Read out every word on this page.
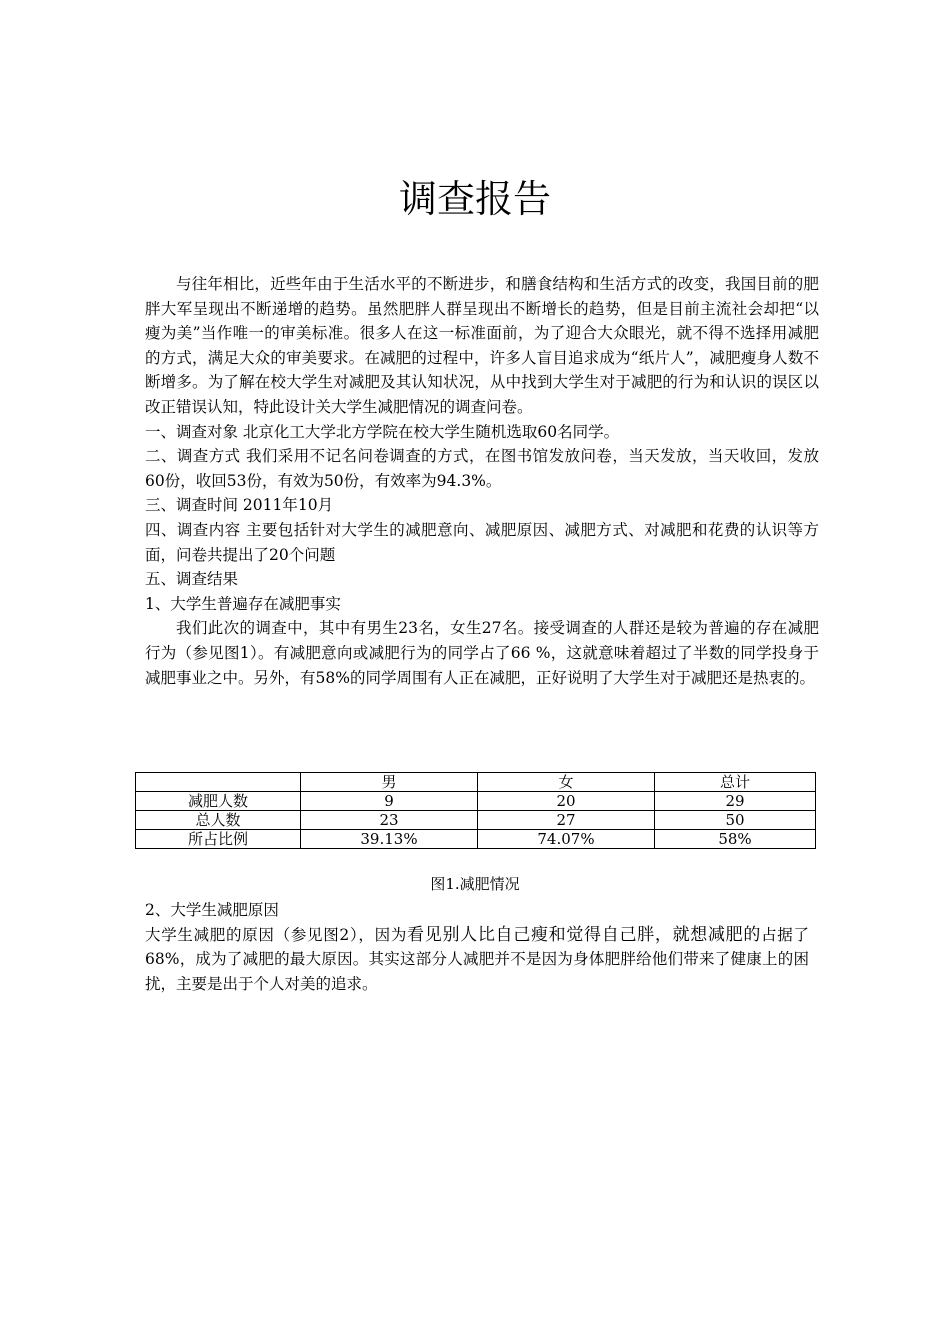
调查报告

与往年相比，近些年由于生活水平的不断进步，和膳食结构和生活方式的改变，我国目前的肥胖大军呈现出不断递增的趋势。虽然肥胖人群呈现出不断增长的趋势，但是目前主流社会却把“以瘦为美”当作唯一的审美标准。很多人在这一标准面前，为了迎合大众眼光，就不得不选择用减肥的方式，满足大众的审美要求。在减肥的过程中，许多人盲目追求成为“纸片人”，减肥瘦身人数不断增多。为了解在校大学生对减肥及其认知状况，从中找到大学生对于减肥的行为和认识的误区以改正错误认知，特此设计关大学生减肥情况的调查问卷。

一、调查对象 北京化工大学北方学院在校大学生随机选取60名同学。

二、调查方式 我们采用不记名问卷调查的方式，在图书馆发放问卷，当天发放，当天收回，发放60份，收回53份，有效为50份，有效率为94.3%。

三、调查时间 2011年10月

四、调查内容 主要包括针对大学生的减肥意向、减肥原因、减肥方式、对减肥和花费的认识等方面，问卷共提出了20个问题

五、调查结果

1、大学生普遍存在减肥事实

我们此次的调查中，其中有男生23名，女生27名。接受调查的人群还是较为普遍的存在减肥行为（参见图1）。有减肥意向或减肥行为的同学占了66 %，这就意味着超过了半数的同学投身于减肥事业之中。另外，有58%的同学周围有人正在减肥，正好说明了大学生对于减肥还是热衷的。

	男	女	总计
减肥人数	9	20	29
总人数	23	27	50
所占比例	39.13%	74.07%	58%
图1.减肥情况

2、大学生减肥原因

大学生减肥的原因（参见图2），因为看见别人比自己瘦和觉得自己胖，就想减肥的占据了68%，成为了减肥的最大原因。其实这部分人减肥并不是因为身体肥胖给他们带来了健康上的困扰，主要是出于个人对美的追求。
